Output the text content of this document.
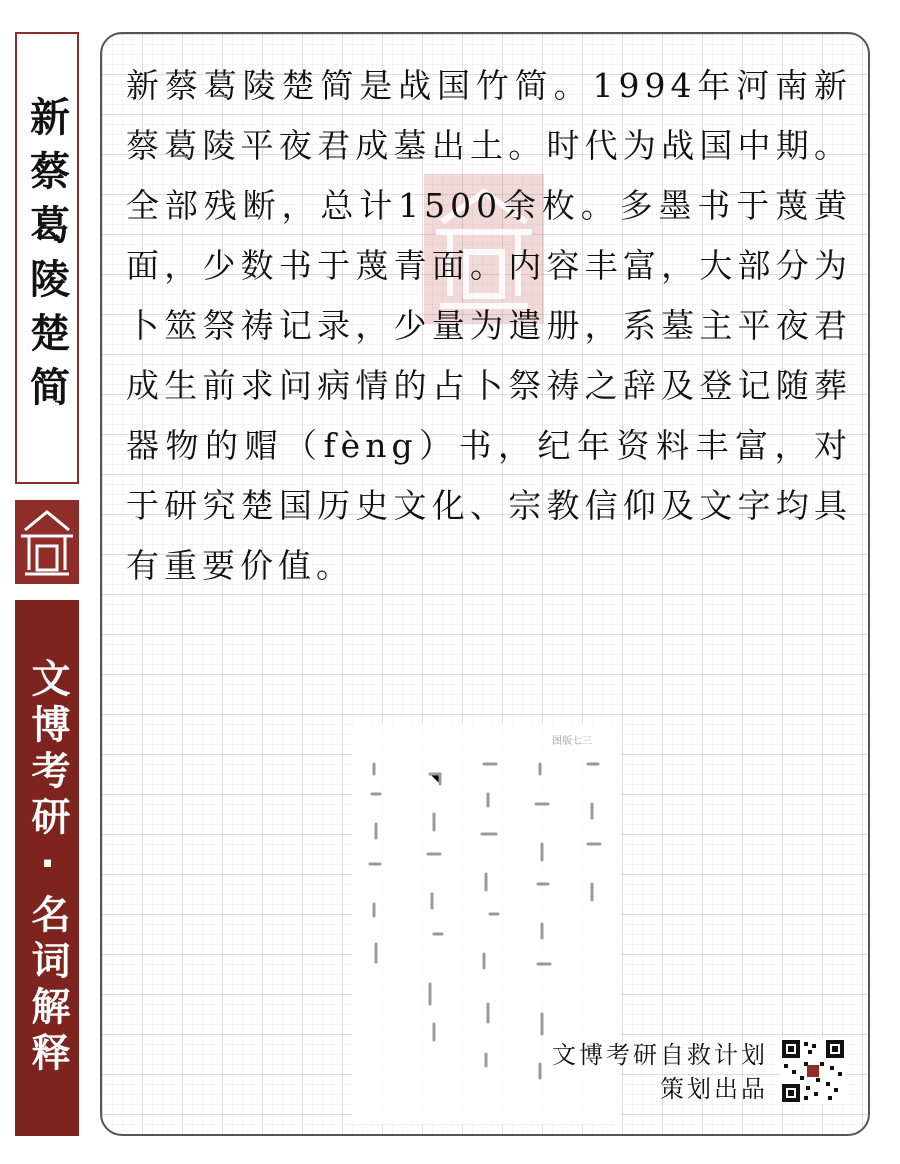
新蔡葛陵楚简
文博考研·名词解释

新蔡葛陵楚简是战国竹简。1994年河南新蔡葛陵平夜君成墓出土。时代为战国中期。全部残断，总计1500余枚。多墨书于蔑黄面，少数书于蔑青面。内容丰富，大部分为卜筮祭祷记录，少量为遣册，系墓主平夜君成生前求问病情的占卜祭祷之辞及登记随葬器物的赗（fèng）书，纪年资料丰富，对于研究楚国历史文化、宗教信仰及文字均具有重要价值。

图版七三
文博考研自救计划
策划出品
